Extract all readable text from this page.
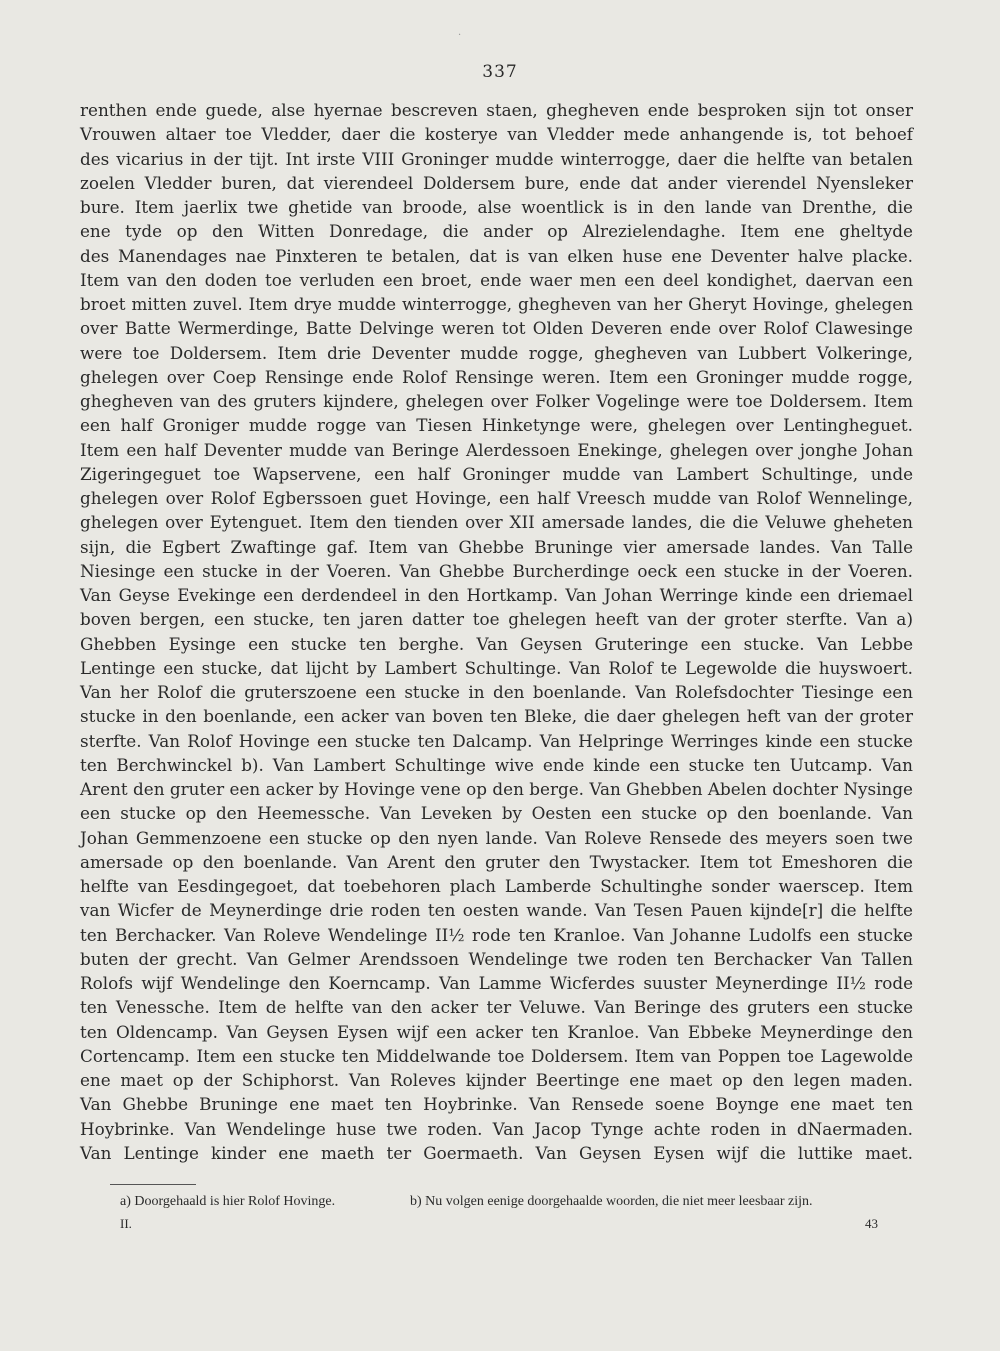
·
337
renthen ende guede, alse hyernae bescreven staen, ghegheven ende besproken sijn tot onser
Vrouwen altaer toe Vledder, daer die kosterye van Vledder mede anhangende is, tot behoef
des vicarius in der tijt. Int irste VIII Groninger mudde winterrogge, daer die helfte van betalen
zoelen Vledder buren, dat vierendeel Doldersem bure, ende dat ander vierendel Nyensleker
bure. Item jaerlix twe ghetide van broode, alse woentlick is in den lande van Drenthe, die
ene tyde op den Witten Donredage, die ander op Alrezielendaghe. Item ene gheltyde
des Manendages nae Pinxteren te betalen, dat is van elken huse ene Deventer halve placke.
Item van den doden toe verluden een broet, ende waer men een deel kondighet, daervan een
broet mitten zuvel. Item drye mudde winterrogge, ghegheven van her Gheryt Hovinge, ghelegen
over Batte Wermerdinge, Batte Delvinge weren tot Olden Deveren ende over Rolof Clawesinge
were toe Doldersem. Item drie Deventer mudde rogge, ghegheven van Lubbert Volkeringe,
ghelegen over Coep Rensinge ende Rolof Rensinge weren. Item een Groninger mudde rogge,
ghegheven van des gruters kijndere, ghelegen over Folker Vogelinge were toe Doldersem. Item
een half Groniger mudde rogge van Tiesen Hinketynge were, ghelegen over Lentingheguet.
Item een half Deventer mudde van Beringe Alerdessoen Enekinge, ghelegen over jonghe Johan
Zigeringeguet toe Wapservene, een half Groninger mudde van Lambert Schultinge, unde
ghelegen over Rolof Egberssoen guet Hovinge, een half Vreesch mudde van Rolof Wennelinge,
ghelegen over Eytenguet. Item den tienden over XII amersade landes, die die Veluwe gheheten
sijn, die Egbert Zwaftinge gaf. Item van Ghebbe Bruninge vier amersade landes. Van Talle
Niesinge een stucke in der Voeren. Van Ghebbe Burcherdinge oeck een stucke in der Voeren.
Van Geyse Evekinge een derdendeel in den Hortkamp. Van Johan Werringe kinde een driemael
boven bergen, een stucke, ten jaren datter toe ghelegen heeft van der groter sterfte. Van a)
Ghebben Eysinge een stucke ten berghe. Van Geysen Gruteringe een stucke. Van Lebbe
Lentinge een stucke, dat lijcht by Lambert Schultinge. Van Rolof te Legewolde die huyswoert.
Van her Rolof die gruterszoene een stucke in den boenlande. Van Rolefsdochter Tiesinge een
stucke in den boenlande, een acker van boven ten Bleke, die daer ghelegen heft van der groter
sterfte. Van Rolof Hovinge een stucke ten Dalcamp. Van Helpringe Werringes kinde een stucke
ten Berchwinckel b). Van Lambert Schultinge wive ende kinde een stucke ten Uutcamp. Van
Arent den gruter een acker by Hovinge vene op den berge. Van Ghebben Abelen dochter Nysinge
een stucke op den Heemessche. Van Leveken by Oesten een stucke op den boenlande. Van
Johan Gemmenzoene een stucke op den nyen lande. Van Roleve Rensede des meyers soen twe
amersade op den boenlande. Van Arent den gruter den Twystacker. Item tot Emeshoren die
helfte van Eesdingegoet, dat toebehoren plach Lamberde Schultinghe sonder waerscep. Item
van Wicfer de Meynerdinge drie roden ten oesten wande. Van Tesen Pauen kijnde[r] die helfte
ten Berchacker. Van Roleve Wendelinge II½ rode ten Kranloe. Van Johanne Ludolfs een stucke
buten der grecht. Van Gelmer Arendssoen Wendelinge twe roden ten Berchacker Van Tallen
Rolofs wijf Wendelinge den Koerncamp. Van Lamme Wicferdes suuster Meynerdinge II½ rode
ten Venessche. Item de helfte van den acker ter Veluwe. Van Beringe des gruters een stucke
ten Oldencamp. Van Geysen Eysen wijf een acker ten Kranloe. Van Ebbeke Meynerdinge den
Cortencamp. Item een stucke ten Middelwande toe Doldersem. Item van Poppen toe Lagewolde
ene maet op der Schiphorst. Van Roleves kijnder Beertinge ene maet op den legen maden.
Van Ghebbe Bruninge ene maet ten Hoybrinke. Van Rensede soene Boynge ene maet ten
Hoybrinke. Van Wendelinge huse twe roden. Van Jacop Tynge achte roden in dNaermaden.
Van Lentinge kinder ene maeth ter Goermaeth. Van Geysen Eysen wijf die luttike maet.
a) Doorgehaald is hier Rolof Hovinge.	b) Nu volgen eenige doorgehaalde woorden, die niet meer leesbaar zijn.
II.	43
